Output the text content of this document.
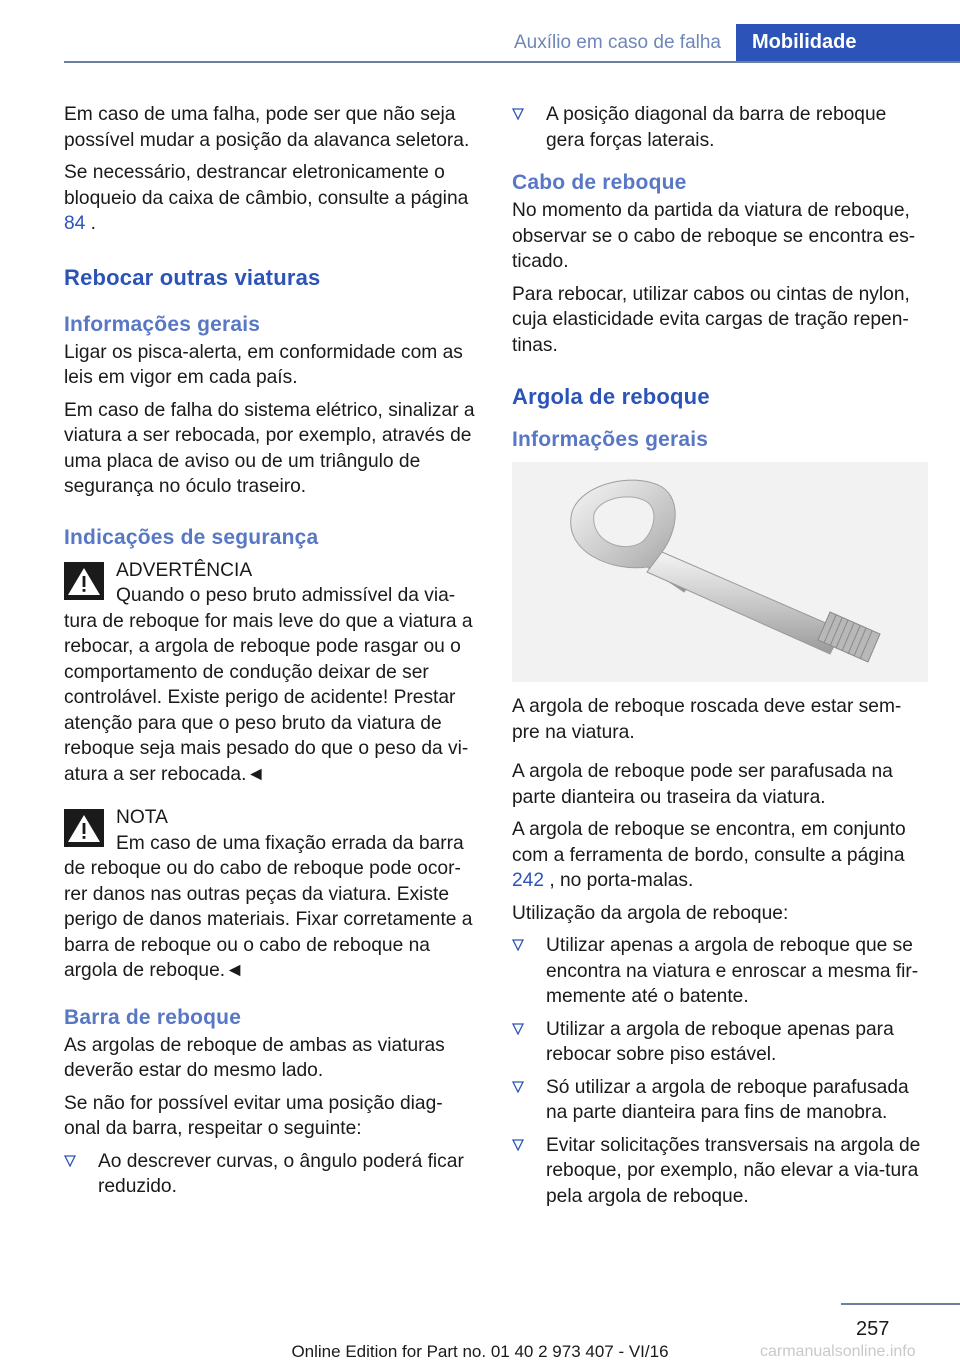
Auxílio em caso de falha	Mobilidade

Em caso de uma falha, pode ser que não seja possível mudar a posição da alavanca seletora.

Se necessário, destrancar eletronicamente o bloqueio da caixa de câmbio, consulte a página 84 .

Rebocar outras viaturas
Informações gerais

Ligar os pisca-alerta, em conformidade com as leis em vigor em cada país.

Em caso de falha do sistema elétrico, sinalizar a viatura a ser rebocada, por exemplo, através de uma placa de aviso ou de um triângulo de segurança no óculo traseiro.

Indicações de segurança
ADVERTÊNCIA
Quando o peso bruto admissível da via-
tura de reboque for mais leve do que a viatura a rebocar, a argola de reboque pode rasgar ou o comportamento de condução deixar de ser controlável. Existe perigo de acidente! Prestar atenção para que o peso bruto da viatura de reboque seja mais pesado do que o peso da vi-atura a ser rebocada.◄
NOTA
Em caso de uma fixação errada da barra
de reboque ou do cabo de reboque pode ocor-rer danos nas outras peças da viatura. Existe perigo de danos materiais. Fixar corretamente a barra de reboque ou o cabo de reboque na argola de reboque.◄
Barra de reboque

As argolas de reboque de ambas as viaturas deverão estar do mesmo lado.

Se não for possível evitar uma posição diag-onal da barra, respeitar o seguinte:

Ao descrever curvas, o ângulo poderá ficar reduzido.
A posição diagonal da barra de reboque gera forças laterais.
Cabo de reboque

No momento da partida da viatura de reboque, observar se o cabo de reboque se encontra es-ticado.

Para rebocar, utilizar cabos ou cintas de nylon, cuja elasticidade evita cargas de tração repen-tinas.

Argola de reboque
Informações gerais

A argola de reboque roscada deve estar sem-pre na viatura.

A argola de reboque pode ser parafusada na parte dianteira ou traseira da viatura.

A argola de reboque se encontra, em conjunto com a ferramenta de bordo, consulte a página 242 , no porta-malas.

Utilização da argola de reboque:

Utilizar apenas a argola de reboque que se encontra na viatura e enroscar a mesma fir-memente até o batente.
Utilizar a argola de reboque apenas para rebocar sobre piso estável.
Só utilizar a argola de reboque parafusada na parte dianteira para fins de manobra.
Evitar solicitações transversais na argola de reboque, por exemplo, não elevar a via-tura pela argola de reboque.
257
Online Edition for Part no. 01 40 2 973 407 - VI/16	carmanualsonline.info
